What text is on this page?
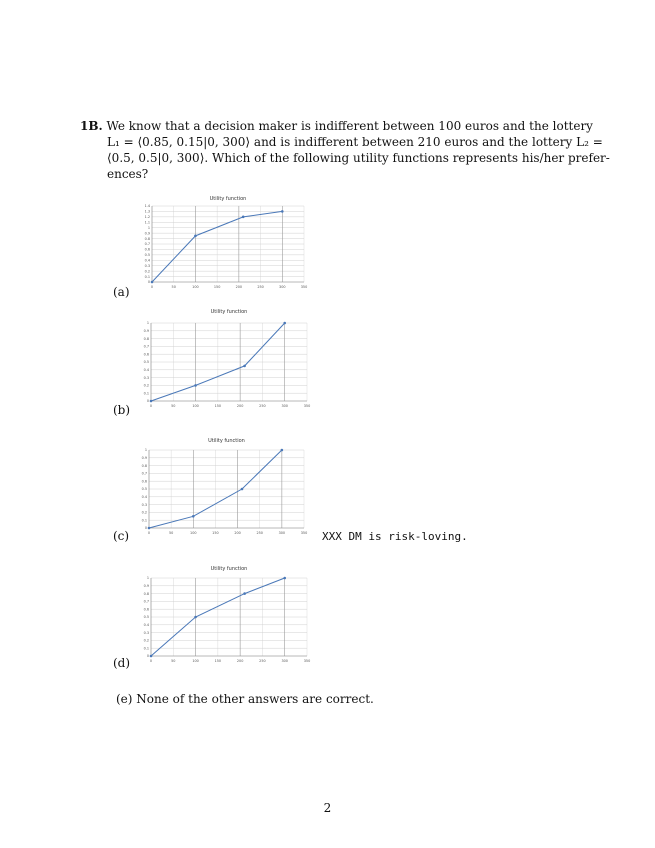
1B. We know that a decision maker is indifferent between 100 euros and the lottery
L₁ = ⟨0.85, 0.15|0, 300⟩ and is indifferent between 210 euros and the lottery L₂ =
⟨0.5, 0.5|0, 300⟩. Which of the following utility functions represents his/her prefer-
ences?
(a)
Utility function
0
0.1
0.2
0.3
0.4
0.5
0.6
0.7
0.8
0.9
1
1.1
1.2
1.3
1.4
0	50	100	150	200	250	300	350
(b)
Utility function
0
0.1
0.2
0.3
0.4
0.5
0.6
0.7
0.8
0.9
1
0	50	100	150	200	250	300	350
(c)
Utility function
0
0.1
0.2
0.3
0.4
0.5
0.6
0.7
0.8
0.9
1
0	50	100	150	200	250	300	350 XXX DM is risk-loving.
(d)
Utility function
0
0.1
0.2
0.3
0.4
0.5
0.6
0.7
0.8
0.9
1
0	50	100	150	200	250	300	350
(e) None of the other answers are correct.
2
